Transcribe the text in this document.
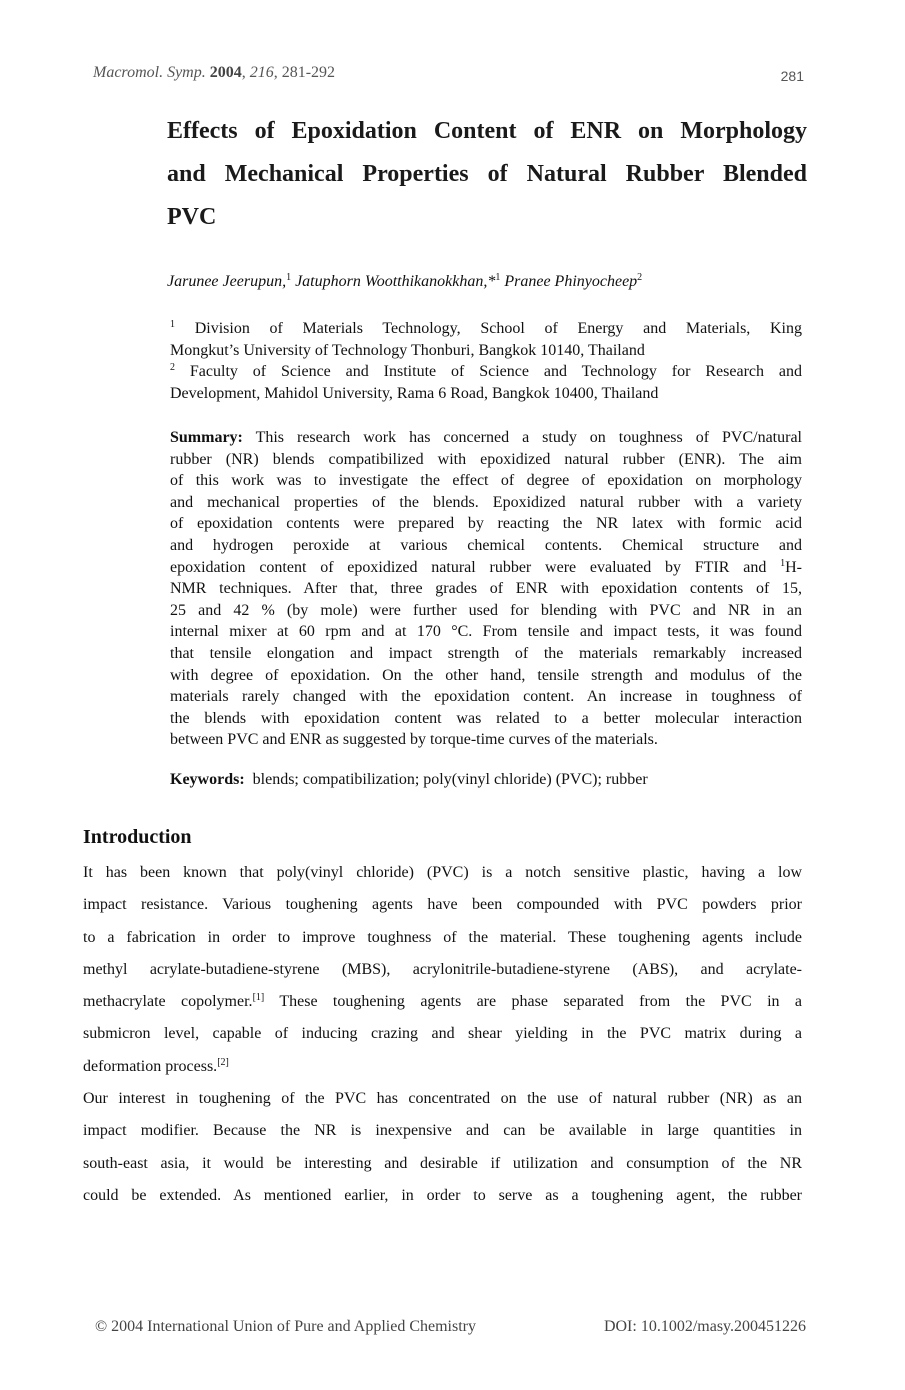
Macromol. Symp. 2004, 216, 281-292	281
Effects of Epoxidation Content of ENR on Morphology
and Mechanical Properties of Natural Rubber Blended
PVC
Jarunee Jeerupun,$^1$ Jatuphorn Wootthikanokkhan,*$^1$ Pranee Phinyocheep$^2$
$^1$ Division of Materials Technology, School of Energy and Materials, King
Mongkut’s University of Technology Thonburi, Bangkok 10140, Thailand
$^2$ Faculty of Science and Institute of Science and Technology for Research and
Development, Mahidol University, Rama 6 Road, Bangkok 10400, Thailand
Summary: This research work has concerned a study on toughness of PVC/natural
rubber (NR) blends compatibilized with epoxidized natural rubber (ENR). The aim
of this work was to investigate the effect of degree of epoxidation on morphology
and mechanical properties of the blends. Epoxidized natural rubber with a variety
of epoxidation contents were prepared by reacting the NR latex with formic acid
and hydrogen peroxide at various chemical contents. Chemical structure and
epoxidation content of epoxidized natural rubber were evaluated by FTIR and $^1$H-
NMR techniques. After that, three grades of ENR with epoxidation contents of 15,
25 and 42 % (by mole) were further used for blending with PVC and NR in an
internal mixer at 60 rpm and at 170 °C. From tensile and impact tests, it was found
that tensile elongation and impact strength of the materials remarkably increased
with degree of epoxidation. On the other hand, tensile strength and modulus of the
materials rarely changed with the epoxidation content. An increase in toughness of
the blends with epoxidation content was related to a better molecular interaction
between PVC and ENR as suggested by torque-time curves of the materials.
Keywords: blends; compatibilization; poly(vinyl chloride) (PVC); rubber
Introduction
It has been known that poly(vinyl chloride) (PVC) is a notch sensitive plastic, having a low
impact resistance. Various toughening agents have been compounded with PVC powders prior
to a fabrication in order to improve toughness of the material. These toughening agents include
methyl acrylate-butadiene-styrene (MBS), acrylonitrile-butadiene-styrene (ABS), and acrylate-
methacrylate copolymer.[1] These toughening agents are phase separated from the PVC in a
submicron level, capable of inducing crazing and shear yielding in the PVC matrix during a
deformation process.[2]
Our interest in toughening of the PVC has concentrated on the use of natural rubber (NR) as an
impact modifier. Because the NR is inexpensive and can be available in large quantities in
south-east asia, it would be interesting and desirable if utilization and consumption of the NR
could be extended. As mentioned earlier, in order to serve as a toughening agent, the rubber
© 2004 International Union of Pure and Applied Chemistry	DOI: 10.1002/masy.200451226
